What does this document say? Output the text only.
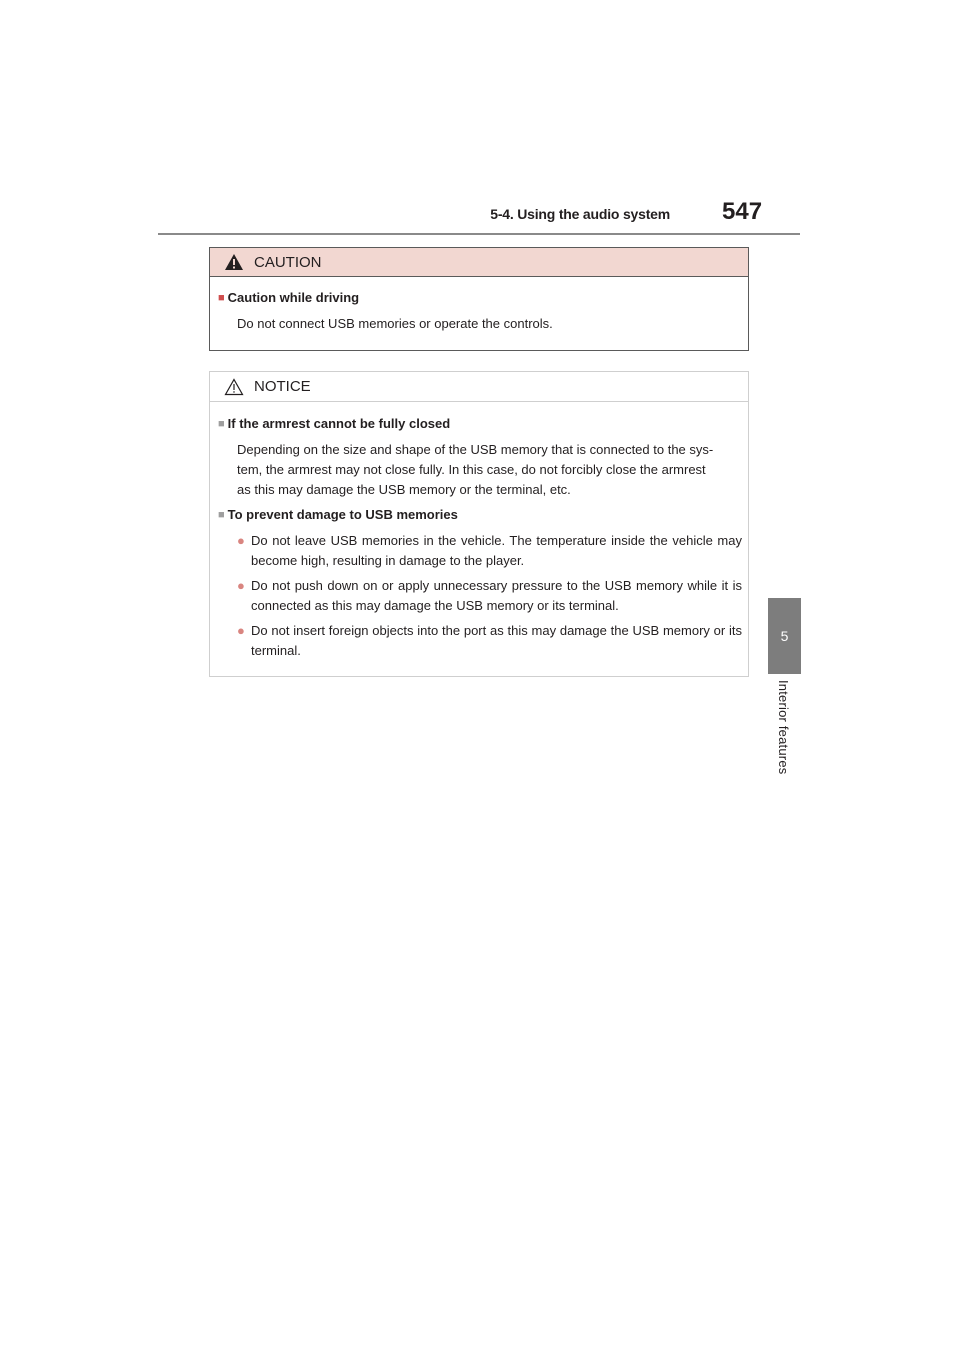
5-4. Using the audio system 547
5
Interior features
CAUTION
■ Caution while driving
Do not connect USB memories or operate the controls.
NOTICE
■ If the armrest cannot be fully closed
Depending on the size and shape of the USB memory that is connected to the sys-
tem, the armrest may not close fully. In this case, do not forcibly close the armrest
as this may damage the USB memory or the terminal, etc.
■ To prevent damage to USB memories
● Do not leave USB memories in the vehicle. The temperature inside the vehicle may become high, resulting in damage to the player.
● Do not push down on or apply unnecessary pressure to the USB memory while it is connected as this may damage the USB memory or its terminal.
● Do not insert foreign objects into the port as this may damage the USB memory or its terminal.
